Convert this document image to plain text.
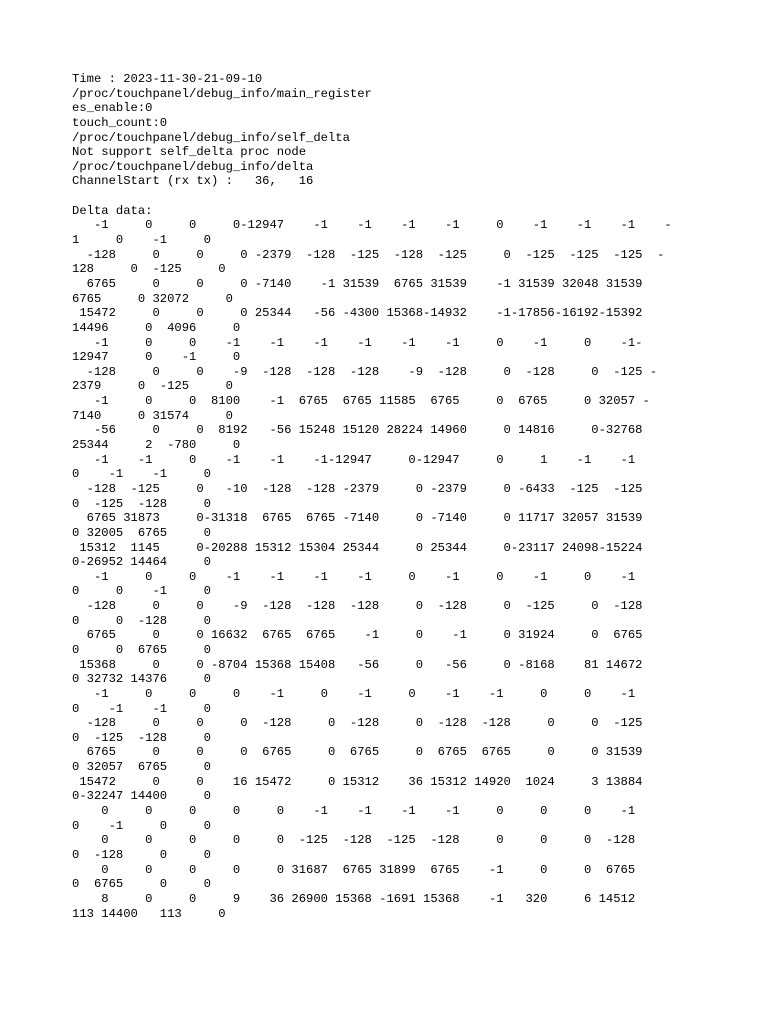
Time : 2023-11-30-21-09-10
/proc/touchpanel/debug_info/main_register
es_enable:0
touch_count:0
/proc/touchpanel/debug_info/self_delta
Not support self_delta proc node
/proc/touchpanel/debug_info/delta
ChannelStart (rx tx) :   36,   16
Delta data:
-1     0     0     0-12947    -1    -1    -1    -1     0    -1    -1    -1    -
1     0    -1     0
-128     0     0     0 -2379  -128  -125  -128  -125     0  -125  -125  -125  -
128     0  -125     0
6765     0     0     0 -7140    -1 31539  6765 31539    -1 31539 32048 31539
6765     0 32072     0
15472     0     0     0 25344   -56 -4300 15368-14932    -1-17856-16192-15392
14496     0  4096     0
-1     0     0    -1    -1    -1    -1    -1    -1     0    -1     0    -1-
12947     0    -1     0
-128     0     0    -9  -128  -128  -128    -9  -128     0  -128     0  -125 -
2379     0  -125     0
-1     0     0  8100    -1  6765  6765 11585  6765     0  6765     0 32057 -
7140     0 31574     0
-56     0     0  8192   -56 15248 15120 28224 14960     0 14816     0-32768
25344     2  -780     0
-1    -1     0    -1    -1    -1-12947     0-12947     0     1    -1    -1
0    -1    -1     0
-128  -125     0   -10  -128  -128 -2379     0 -2379     0 -6433  -125  -125
0  -125  -128     0
6765 31873     0-31318  6765  6765 -7140     0 -7140     0 11717 32057 31539
0 32005  6765     0
15312  1145     0-20288 15312 15304 25344     0 25344     0-23117 24098-15224
0-26952 14464     0
-1     0     0    -1    -1    -1    -1     0    -1     0    -1     0    -1
0     0    -1     0
-128     0     0    -9  -128  -128  -128     0  -128     0  -125     0  -128
0     0  -128     0
6765     0     0 16632  6765  6765    -1     0    -1     0 31924     0  6765
0     0  6765     0
15368     0     0 -8704 15368 15408   -56     0   -56     0 -8168    81 14672
0 32732 14376     0
-1     0     0     0    -1     0    -1     0    -1    -1     0     0    -1
0    -1    -1     0
-128     0     0     0  -128     0  -128     0  -128  -128     0     0  -125
0  -125  -128     0
6765     0     0     0  6765     0  6765     0  6765  6765     0     0 31539
0 32057  6765     0
15472     0     0    16 15472     0 15312    36 15312 14920  1024     3 13884
0-32247 14400     0
0     0     0     0     0    -1    -1    -1    -1     0     0     0    -1
0    -1     0     0
0     0     0     0     0  -125  -128  -125  -128     0     0     0  -128
0  -128     0     0
0     0     0     0     0 31687  6765 31899  6765    -1     0     0  6765
0  6765     0     0
8     0     0     9    36 26900 15368 -1691 15368    -1   320     6 14512
113 14400   113     0
